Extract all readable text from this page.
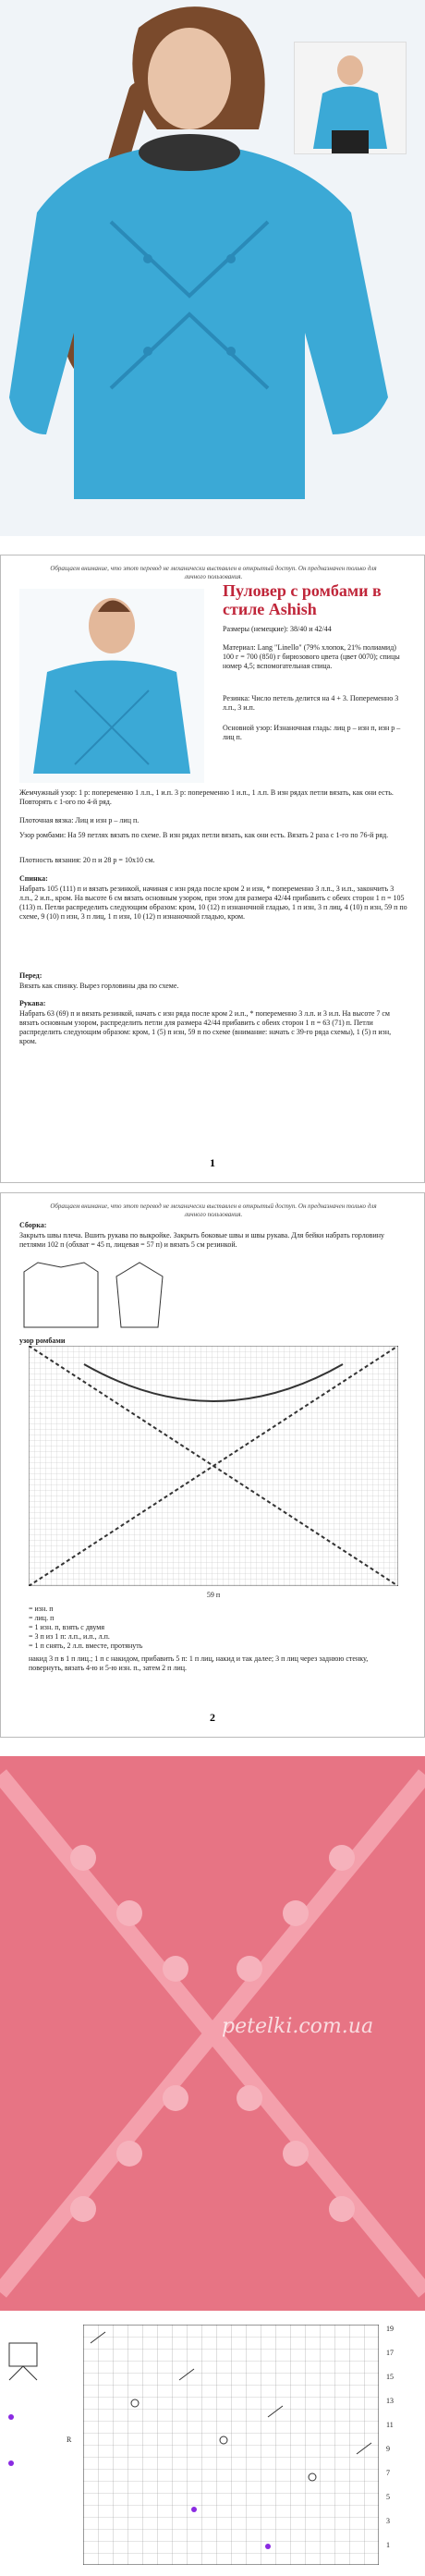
Обращаем внимание, что этот перевод не механически выставлен в открытый доступ. Он предназначен только для личного пользования.
Пуловер с ромбами в стиле Ashish
Размеры (немецкие): 38/40 и 42/44
Материал: Lang "Linello" (79% хлопок, 21% полиамид) 100 г = 700 (850) г бирюзового цвета (цвет 0070); спицы номер 4,5; вспомогательная спица.
Резинка: Число петель делится на 4 + 3. Попеременно 3 л.п., 3 и.п.
Основной узор: Изнаночная гладь: лиц р – изн п, изн р – лиц п.
Жемчужный узор: 1 р: попеременно 1 л.п., 1 и.п. 3 р: попеременно 1 и.п., 1 л.п. В изн рядах петли вязать, как они есть. Повторять с 1-ого по 4-й ряд.
Плоточная вязка: Лиц и изн р – лиц п.
Узор ромбами: На 59 петлях вязать по схеме. В изн рядах петли вязать, как они есть. Вязать 2 раза с 1-го по 76-й ряд.
Плотность вязания: 20 п и 28 р = 10х10 см.
Спинка:
Набрать 105 (111) п и вязать резинкой, начиная с изн ряда после кром 2 и изн, * попеременно 3 л.п., 3 и.п., закончить 3 л.п., 2 и.п., кром. На высоте 6 см вязать основным узором, при этом для размера 42/44 прибавить с обеих сторон 1 п = 105 (113) п. Петли распределить следующим образом: кром, 10 (12) п изнаночной гладью, 1 п изн, 3 п лиц, 4 (10) п изн, 59 п по схеме, 9 (10) п изн, 3 п лиц, 1 п изн, 10 (12) п изнаночной гладью, кром.
Перед:
Вязать как спинку. Вырез горловины два по схеме.
Рукава:
Набрать 63 (69) п и вязать резинкой, начать с изн ряда после кром 2 и.п., * попеременно 3 л.п. и 3 и.п. На высоте 7 см вязать основным узором, распределить петли для размера 42/44 прибавить с обеих сторон 1 п = 63 (71) п. Петли распределить следующим образом: кром, 1 (5) п изн, 59 п по схеме (внимание: начать с 39-го ряда схемы), 1 (5) п изн, кром.
1
Обращаем внимание, что этот перевод не механически выставлен в открытый доступ. Он предназначен только для личного пользования.
Сборка:
Закрыть швы плеча. Вшить рукава по выкройке. Закрыть боковые швы и швы рукава. Для бейки набрать горловину петлями 102 п (обхват = 45 п, лицевая = 57 п) и вязать 5 см резинкой.
узор ромбами
59 п
= изн. п
= лиц. п
= 1 изн. п, взять с двумя
= 3 п из 1 п: л.п., и.п., л.п.
= 1 п снять, 2 л.п. вместе, протянуть
накид 3 п в 1 п лиц.; 1 п с накидом, прибавить 5 п: 1 п лиц, накид и так далее; 3 п лиц через заднюю стенку, повернуть, вязать 4-ю и 5-ю изн. п., затем 2 п лиц.
2
petelki.com.ua
R
19
17
15
13
11
9
7
5
3
1
